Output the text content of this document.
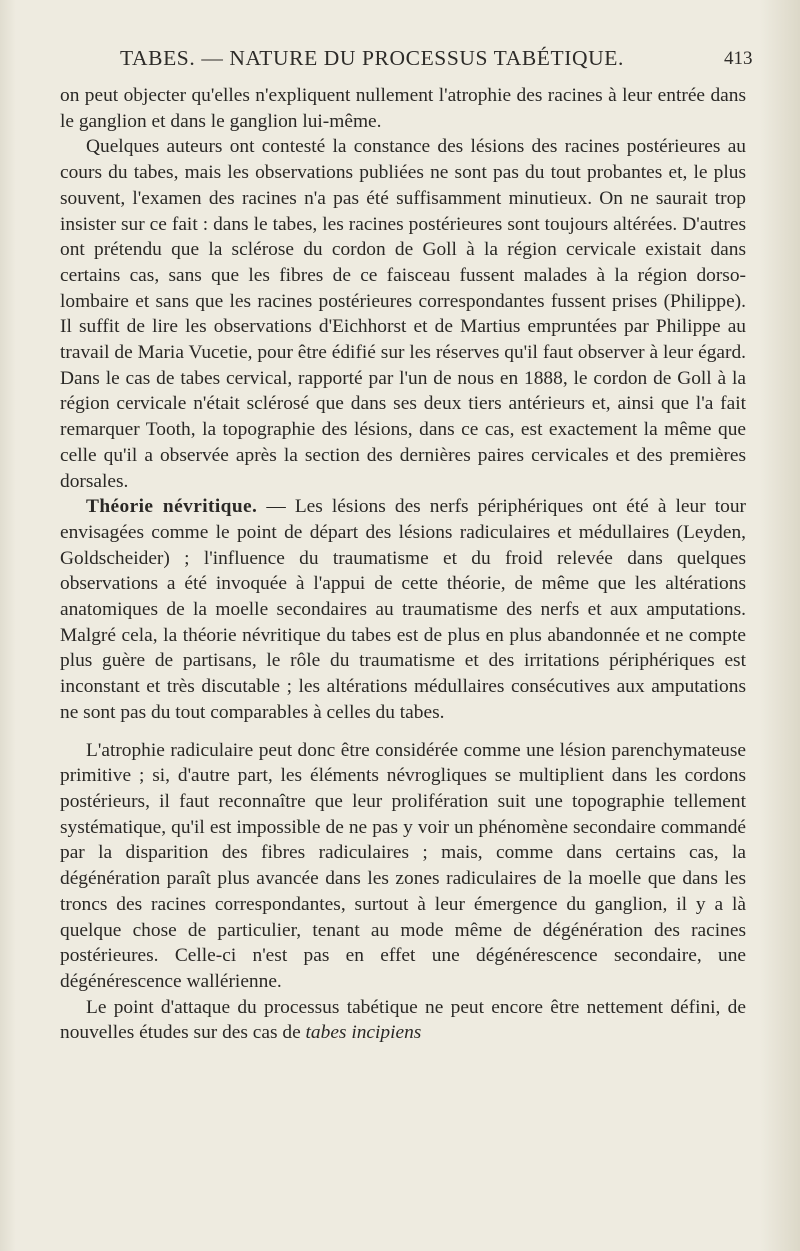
TABES. — NATURE DU PROCESSUS TABÉTIQUE.	413

on peut objecter qu'elles n'expliquent nullement l'atrophie des racines à leur entrée dans le ganglion et dans le ganglion lui-même.

Quelques auteurs ont contesté la constance des lésions des racines postérieures au cours du tabes, mais les observations publiées ne sont pas du tout probantes et, le plus souvent, l'examen des racines n'a pas été suffisamment minutieux. On ne saurait trop insister sur ce fait : dans le tabes, les racines postérieures sont toujours altérées. D'autres ont prétendu que la sclérose du cordon de Goll à la région cervicale existait dans certains cas, sans que les fibres de ce faisceau fussent malades à la région dorso-lombaire et sans que les racines postérieures correspondantes fussent prises (Philippe). Il suffit de lire les observations d'Eichhorst et de Martius empruntées par Philippe au travail de Maria Vucetie, pour être édifié sur les réserves qu'il faut observer à leur égard. Dans le cas de tabes cervical, rapporté par l'un de nous en 1888, le cordon de Goll à la région cervicale n'était sclérosé que dans ses deux tiers antérieurs et, ainsi que l'a fait remarquer Tooth, la topographie des lésions, dans ce cas, est exactement la même que celle qu'il a observée après la section des dernières paires cervicales et des premières dorsales.

Théorie névritique. — Les lésions des nerfs périphériques ont été à leur tour envisagées comme le point de départ des lésions radiculaires et médullaires (Leyden, Goldscheider) ; l'influence du traumatisme et du froid relevée dans quelques observations a été invoquée à l'appui de cette théorie, de même que les altérations anatomiques de la moelle secondaires au traumatisme des nerfs et aux amputations. Malgré cela, la théorie névritique du tabes est de plus en plus abandonnée et ne compte plus guère de partisans, le rôle du traumatisme et des irritations périphériques est inconstant et très discutable ; les altérations médullaires consécutives aux amputations ne sont pas du tout comparables à celles du tabes.

L'atrophie radiculaire peut donc être considérée comme une lésion parenchymateuse primitive ; si, d'autre part, les éléments névrogliques se multiplient dans les cordons postérieurs, il faut reconnaître que leur prolifération suit une topographie tellement systématique, qu'il est impossible de ne pas y voir un phénomène secondaire commandé par la disparition des fibres radiculaires ; mais, comme dans certains cas, la dégénération paraît plus avancée dans les zones radiculaires de la moelle que dans les troncs des racines correspondantes, surtout à leur émergence du ganglion, il y a là quelque chose de particulier, tenant au mode même de dégénération des racines postérieures. Celle-ci n'est pas en effet une dégénérescence secondaire, une dégénérescence wallérienne.

Le point d'attaque du processus tabétique ne peut encore être nettement défini, de nouvelles études sur des cas de tabes incipiens
